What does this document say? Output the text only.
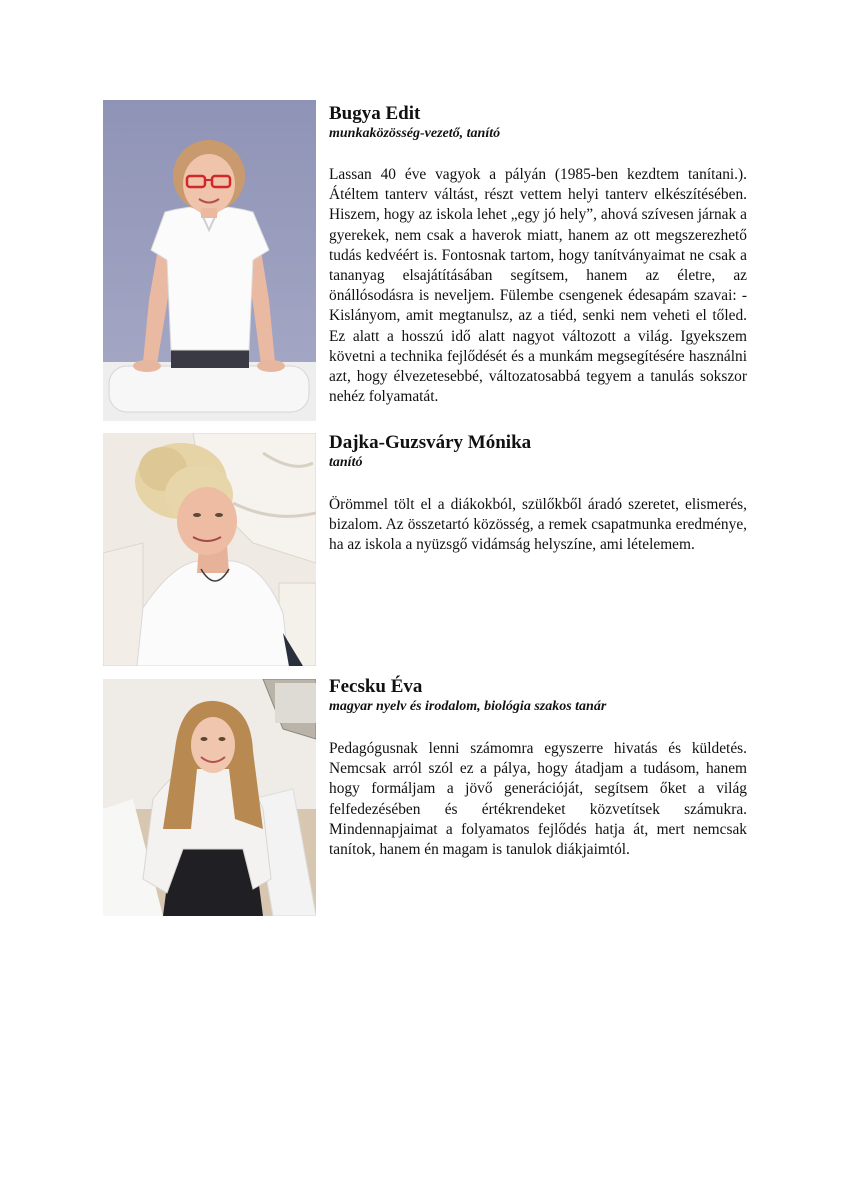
Bugya Edit

munkaközösség-vezető, tanító

Lassan 40 éve vagyok a pályán (1985-ben kezdtem tanítani.). Átéltem tanterv váltást, részt vettem helyi tanterv elkészítésében. Hiszem, hogy az iskola lehet „egy jó hely”, ahová szívesen járnak a gyerekek, nem csak a haverok miatt, hanem az ott megszerezhető tudás kedvéért is. Fontosnak tartom, hogy tanítványaimat ne csak a tananyag elsajátításában segítsem, hanem az életre, az önállósodásra is neveljem. Fülembe csengenek édesapám szavai: - Kislányom, amit megtanulsz, az a tiéd, senki nem veheti el tőled. Ez alatt a hosszú idő alatt nagyot változott a világ. Igyekszem követni a technika fejlődését és a munkám megsegítésére használni azt, hogy élvezetesebbé, változatosabbá tegyem a tanulás sokszor nehéz folyamatát.

Dajka-Guzsváry Mónika

tanító

Örömmel tölt el a diákokból, szülőkből áradó szeretet, elismerés, bizalom. Az összetartó közösség, a remek csapatmunka eredménye, ha az iskola a nyüzsgő vidámság helyszíne, ami lételemem.

Fecsku Éva

magyar nyelv és irodalom, biológia szakos tanár

Pedagógusnak lenni számomra egyszerre hivatás és küldetés. Nemcsak arról szól ez a pálya, hogy átadjam a tudásom, hanem hogy formáljam a jövő generációját, segítsem őket a világ felfedezésében és értékrendeket közvetítsek számukra. Mindennapjaimat a folyamatos fejlődés hatja át, mert nemcsak tanítok, hanem én magam is tanulok diákjaimtól.
